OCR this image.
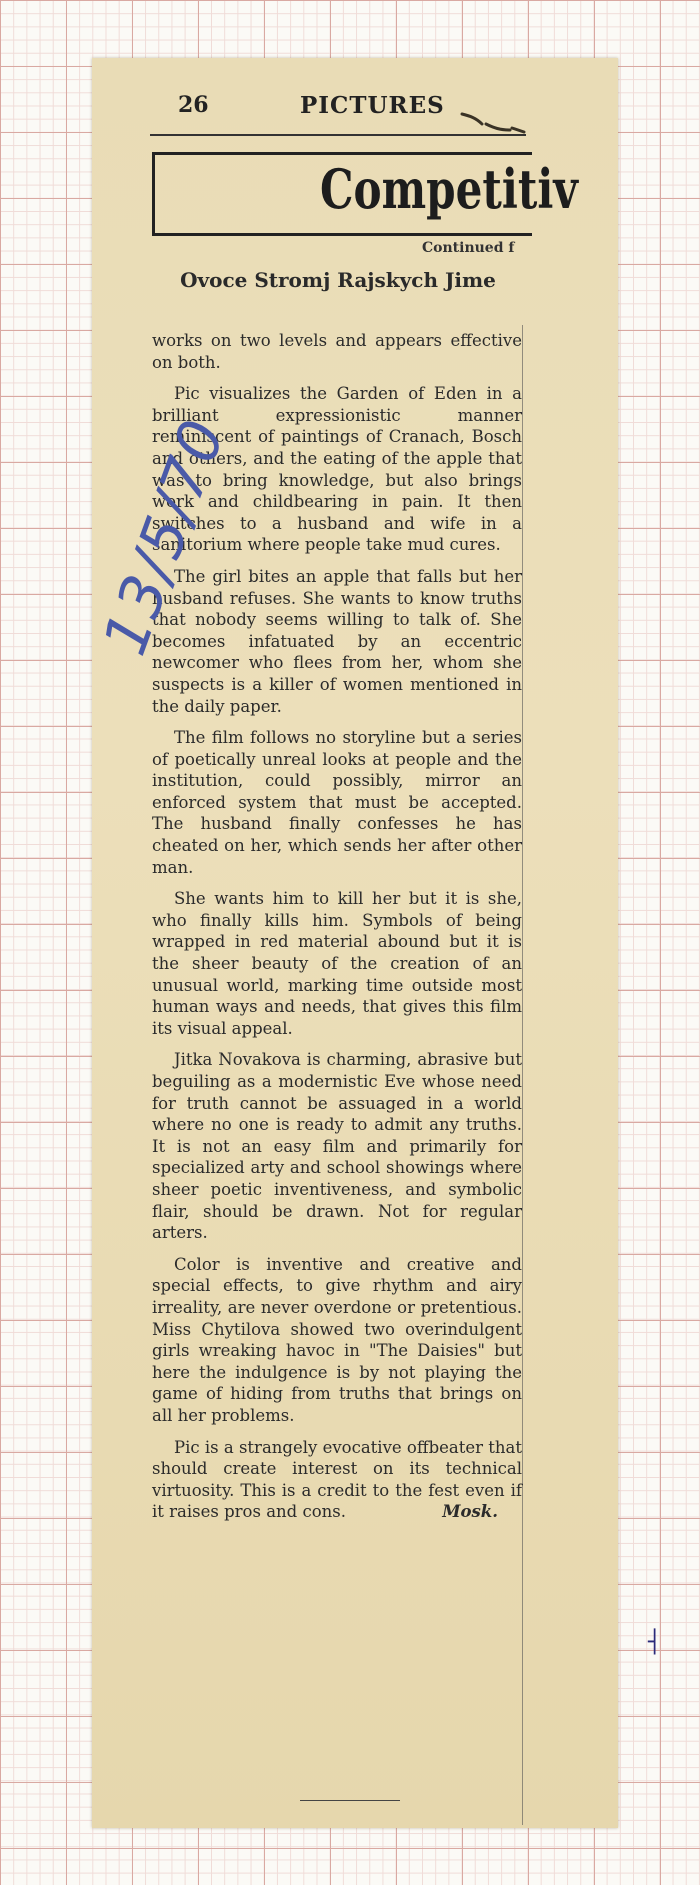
26	PICTURES
Competitiv
Continued f
Ovoce Stromj Rajskych Jime

works on two levels and appears effective on both.

Pic visualizes the Garden of Eden in a brilliant expressionistic manner reminiscent of paintings of Cranach, Bosch and others, and the eating of the apple that was to bring knowledge, but also brings work and childbearing in pain. It then switches to a husband and wife in a sanitorium where people take mud cures.

The girl bites an apple that falls but her husband refuses. She wants to know truths that nobody seems willing to talk of. She becomes infatuated by an eccentric newcomer who flees from her, whom she suspects is a killer of women mentioned in the daily paper.

The film follows no storyline but a series of poetically unreal looks at people and the institution, could possibly, mirror an enforced system that must be accepted. The husband finally confesses he has cheated on her, which sends her after other man.

She wants him to kill her but it is she, who finally kills him. Symbols of being wrapped in red material abound but it is the sheer beauty of the creation of an unusual world, marking time outside most human ways and needs, that gives this film its visual appeal.

Jitka Novakova is charming, abrasive but beguiling as a modernistic Eve whose need for truth cannot be assuaged in a world where no one is ready to admit any truths. It is not an easy film and primarily for specialized arty and school showings where sheer poetic inventiveness, and symbolic flair, should be drawn. Not for regular arters.

Color is inventive and creative and special effects, to give rhythm and airy irreality, are never overdone or pretentious. Miss Chytilova showed two overindulgent girls wreaking havoc in "The Daisies" but here the indulgence is by not playing the game of hiding from truths that brings on all her problems.

Pic is a strangely evocative offbeater that should create interest on its technical virtuosity. This is a credit to the fest even if it raises pros and cons.	Mosk.

13/5/70
┤
